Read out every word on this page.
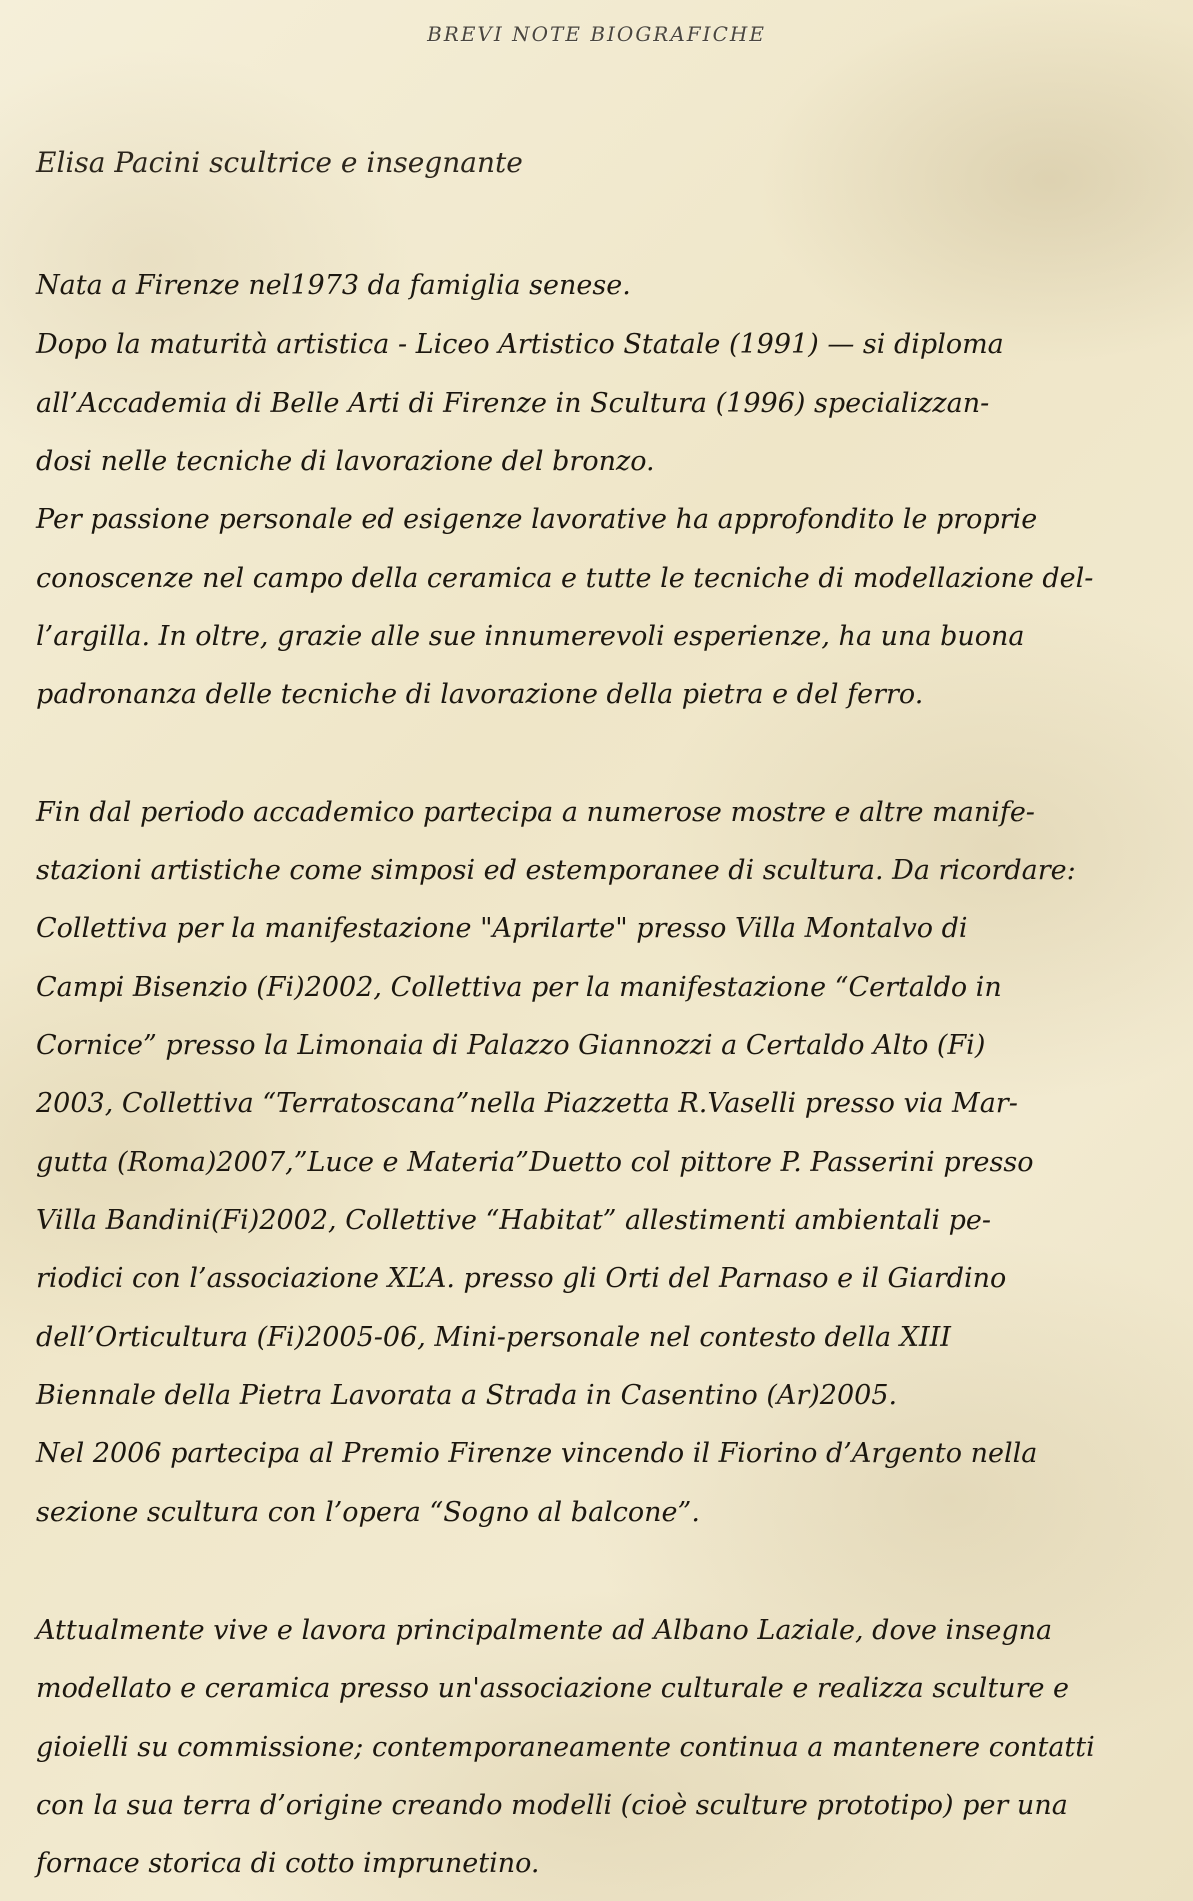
BREVI NOTE BIOGRAFICHE
Elisa Pacini scultrice e insegnante
Nata a Firenze nel1973 da famiglia senese.
Dopo la maturità artistica - Liceo Artistico Statale (1991) — si diploma
all’Accademia di Belle Arti di Firenze in Scultura (1996) specializzan-
dosi nelle tecniche di lavorazione del bronzo.
Per passione personale ed esigenze lavorative ha approfondito le proprie
conoscenze nel campo della ceramica e tutte le tecniche di modellazione del-
l’argilla. In oltre, grazie alle sue innumerevoli esperienze, ha una buona
padronanza delle tecniche di lavorazione della pietra e del ferro.
Fin dal periodo accademico partecipa a numerose mostre e altre manife-
stazioni artistiche come simposi ed estemporanee di scultura. Da ricordare:
Collettiva per la manifestazione "Aprilarte" presso Villa Montalvo di
Campi Bisenzio (Fi)2002, Collettiva per la manifestazione “Certaldo in
Cornice” presso la Limonaia di Palazzo Giannozzi a Certaldo Alto (Fi)
2003, Collettiva “Terratoscana”nella Piazzetta R.Vaselli presso via Mar-
gutta (Roma)2007,”Luce e Materia”Duetto col pittore P. Passerini presso
Villa Bandini(Fi)2002, Collettive “Habitat” allestimenti ambientali pe-
riodici con l’associazione XL’A. presso gli Orti del Parnaso e il Giardino
dell’Orticultura (Fi)2005-06, Mini-personale nel contesto della XIII
Biennale della Pietra Lavorata a Strada in Casentino (Ar)2005.
Nel 2006 partecipa al Premio Firenze vincendo il Fiorino d’Argento nella
sezione scultura con l’opera “Sogno al balcone”.
Attualmente vive e lavora principalmente ad Albano Laziale, dove insegna
modellato e ceramica presso un'associazione culturale e realizza sculture e
gioielli su commissione; contemporaneamente continua a mantenere contatti
con la sua terra d’origine creando modelli (cioè sculture prototipo) per una
fornace storica di cotto imprunetino.
